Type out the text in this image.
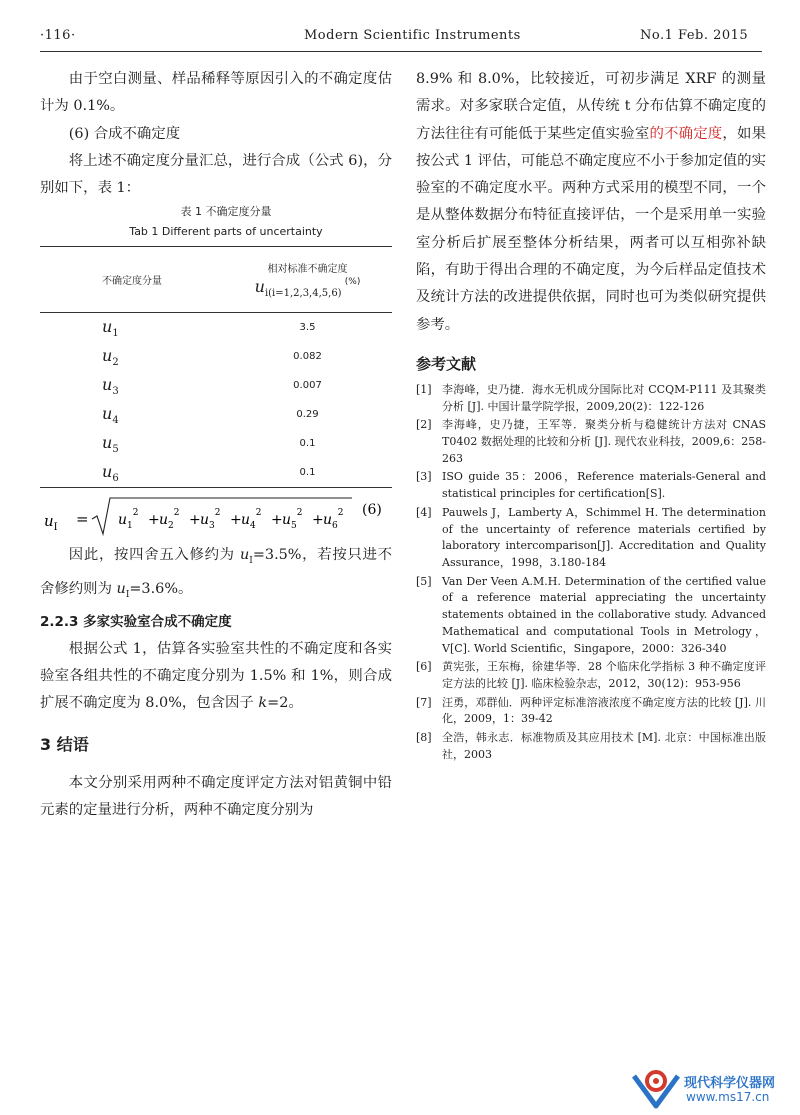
·116·	Modern Scientific Instruments	No.1 Feb. 2015

由于空白测量、样品稀释等原因引入的不确定度估计为 0.1%。

(6) 合成不确定度

将上述不确定度分量汇总，进行合成（公式 6)，分别如下，表 1：

表 1 不确定度分量
Tab 1 Different parts of uncertainty
不确定度分量	相对标准不确定度
$u_{i(i=1,2,3,4,5,6)}$ (%)

$u_1$	3.5
$u_2$	0.082
$u_3$	0.007
$u_4$	0.29
$u_5$	0.1
$u_6$	0.1
$u_I = u_1^2 + u_2^2 + u_3^2 + u_4^2 + u_5^2 + u_6^2$ (6)

因此，按四舍五入修约为 $u_I=3.5\%$，若按只进不舍修约则为 $u_I=3.6\%$。

2.2.3 多家实验室合成不确定度

根据公式 1，估算各实验室共性的不确定度和各实验室各组共性的不确定度分别为 1.5% 和 1%，则合成扩展不确定度为 8.0%，包含因子 k=2。

3 结语

本文分别采用两种不确定度评定方法对铝黄铜中铅元素的定量进行分析，两种不确定度分别为

8.9% 和 8.0%，比较接近，可初步满足 XRF 的测量需求。对多家联合定值，从传统 t 分布估算不确定度的方法往往有可能低于某些定值实验室的不确定度，如果按公式 1 评估，可能总不确定度应不小于参加定值的实验室的不确定度水平。两种方式采用的模型不同，一个是从整体数据分布特征直接评估，一个是采用单一实验室分析后扩展至整体分析结果，两者可以互相弥补缺陷，有助于得出合理的不确定度，为今后样品定值技术及统计方法的改进提供依据，同时也可为类似研究提供参考。

参考文献

[1] 李海峰，史乃捷．海水无机成分国际比对 CCQM-P111 及其聚类分析 [J]. 中国计量学院学报，2009,20(2)：122-126
[2] 李海峰，史乃捷，王军等．聚类分析与稳健统计方法对 CNAS T0402 数据处理的比较和分析 [J]. 现代农业科技，2009,6：258-263
[3] ISO guide 35：2006，Reference materials-General and statistical principles for certification[S].
[4] Pauwels J，Lamberty A，Schimmel H. The determination of the uncertainty of reference materials certified by laboratory intercomparison[J]. Accreditation and Quality Assurance，1998，3.180-184
[5] Van Der Veen A.M.H. Determination of the certified value of a reference material appreciating the uncertainty statements obtained in the collaborative study. Advanced Mathematical and computational Tools in Metrology，V[C]. World Scientific，Singapore，2000：326-340
[6] 黄宪张，王东梅，徐建华等．28 个临床化学指标 3 种不确定度评定方法的比较 [J]. 临床检验杂志，2012，30(12)：953-956
[7] 汪勇，邓群仙．两种评定标准溶液浓度不确定度方法的比较 [J]. 川化，2009，1：39-42
[8] 全浩，韩永志．标准物质及其应用技术 [M]. 北京：中国标准出版社，2003
现代科学仪器网
www.ms17.cn
